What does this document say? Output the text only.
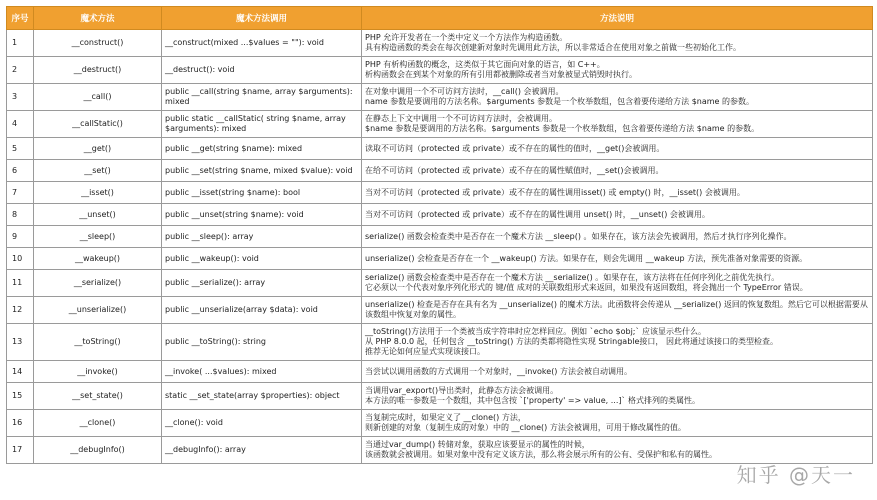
序号	魔术方法	魔术方法调用	方法说明
1	__construct()	__construct(mixed ...$values = ""): void	PHP 允许开发者在一个类中定义一个方法作为构造函数。
具有构造函数的类会在每次创建新对象时先调用此方法，所以非常适合在使用对象之前做一些初始化工作。
2	__destruct()	__destruct(): void	PHP 有析构函数的概念，这类似于其它面向对象的语言，如 C++。
析构函数会在到某个对象的所有引用都被删除或者当对象被显式销毁时执行。
3	__call()	public __call(string $name, array $arguments): mixed	在对象中调用一个不可访问方法时，__call() 会被调用。
name 参数是要调用的方法名称。$arguments 参数是一个枚举数组，包含着要传递给方法 $name 的参数。
4	__callStatic()	public static __callStatic( string $name, array $arguments): mixed	在静态上下文中调用一个不可访问方法时，会被调用。
$name 参数是要调用的方法名称。$arguments 参数是一个枚举数组，包含着要传递给方法 $name 的参数。
5	__get()	public __get(string $name): mixed	读取不可访问（protected 或 private）或不存在的属性的值时，__get()会被调用。
6	__set()	public __set(string $name, mixed $value): void	在给不可访问（protected 或 private）或不存在的属性赋值时，__set()会被调用。
7	__isset()	public __isset(string $name): bool	当对不可访问（protected 或 private）或不存在的属性调用isset() 或 empty() 时，__isset() 会被调用。
8	__unset()	public __unset(string $name): void	当对不可访问（protected 或 private）或不存在的属性调用 unset() 时，__unset() 会被调用。
9	__sleep()	public __sleep(): array	serialize() 函数会检查类中是否存在一个魔术方法 __sleep() 。如果存在，该方法会先被调用，然后才执行序列化操作。
10	__wakeup()	public __wakeup(): void	unserialize() 会检查是否存在一个 __wakeup() 方法。如果存在，则会先调用 __wakeup 方法，预先准备对象需要的资源。
11	__serialize()	public __serialize(): array	serialize() 函数会检查类中是否存在一个魔术方法 __serialize() 。如果存在，该方法将在任何序列化之前优先执行。
它必须以一个代表对象序列化形式的 键/值 成对的关联数组形式来返回，如果没有返回数组，将会抛出一个 TypeError 错误。
12	__unserialize()	public __unserialize(array $data): void	unserialize() 检查是否存在具有名为 __unserialize() 的魔术方法。此函数将会传递从 __serialize() 返回的恢复数组。然后它可以根据需要从该数组中恢复对象的属性。
13	__toString()	public __toString(): string	__toString()方法用于一个类被当成字符串时应怎样回应。例如 `echo $obj;` 应该显示些什么。
从 PHP 8.0.0 起，任何包含 __toString() 方法的类都将隐性实现 Stringable接口， 因此将通过该接口的类型检查。
推荐无论如何应显式实现该接口。
14	__invoke()	__invoke( ...$values): mixed	当尝试以调用函数的方式调用一个对象时，__invoke() 方法会被自动调用。
15	__set_state()	static __set_state(array $properties): object	当调用var_export()导出类时，此静态方法会被调用。
本方法的唯一参数是一个数组，其中包含按 `['property' => value, ...]` 格式排列的类属性。
16	__clone()	__clone(): void	当复制完成时，如果定义了 __clone() 方法，
则新创建的对象（复制生成的对象）中的 __clone() 方法会被调用，可用于修改属性的值。
17	__debugInfo()	__debugInfo(): array	当通过var_dump() 转储对象，获取应该要显示的属性的时候，
该函数就会被调用。如果对象中没有定义该方法，那么将会展示所有的公有、受保护和私有的属性。
知乎 @天一
